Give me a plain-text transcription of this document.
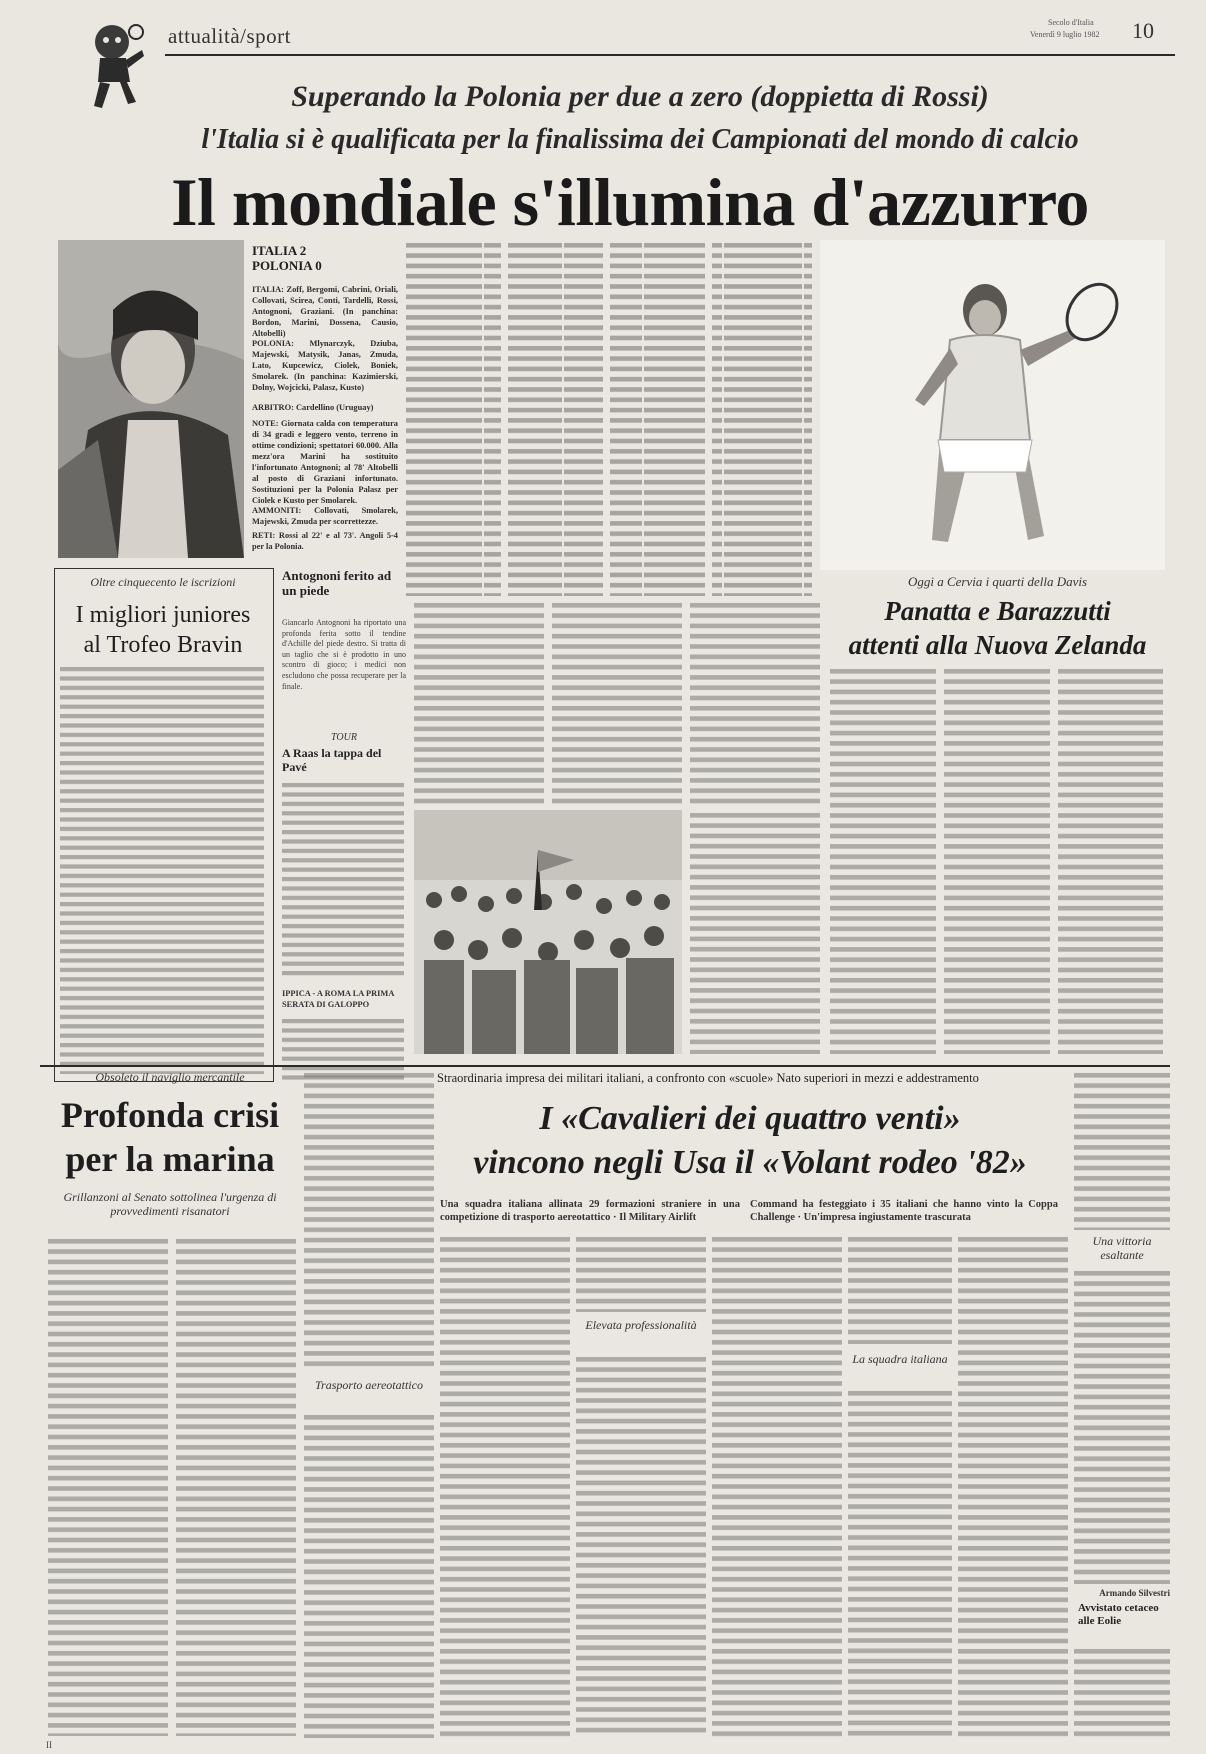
attualità/sport
Secolo d'Italia
Venerdì 9 luglio 1982 10
Superando la Polonia per due a zero (doppietta di Rossi)
l'Italia si è qualificata per la finalissima dei Campionati del mondo di calcio
Il mondiale s'illumina d'azzurro
ITALIA 2
POLONIA 0
ITALIA: Zoff, Bergomi, Cabrini, Oriali, Collovati, Scirea, Conti, Tardelli, Rossi, Antognoni, Graziani. (In panchina: Bordon, Marini, Dossena, Causio, Altobelli)
POLONIA: Mlynarczyk, Dziuba, Majewski, Matysik, Janas, Zmuda, Lato, Kupcewicz, Ciolek, Boniek, Smolarek. (In panchina: Kazimierski, Dolny, Wojcicki, Palasz, Kusto)
ARBITRO: Cardellino (Uruguay)
NOTE: Giornata calda con temperatura di 34 gradi e leggero vento, terreno in ottime condizioni; spettatori 60.000. Alla mezz'ora Marini ha sostituito l'infortunato Antognoni; al 78' Altobelli al posto di Graziani infortunato. Sostituzioni per la Polonia Palasz per Ciolek e Kusto per Smolarek.
AMMONITI: Collovati, Smolarek, Majewski, Zmuda per scorrettezze.
RETI: Rossi al 22' e al 73'. Angoli 5-4 per la Polonia.
Oltre cinquecento le iscrizioni
I migliori juniores
al Trofeo Bravin
Antognoni ferito ad un piede
Giancarlo Antognoni ha riportato una profonda ferita sotto il tendine d'Achille del piede destro. Si tratta di un taglio che si è prodotto in uno scontro di gioco; i medici non escludono che possa recuperare per la finale.
TOUR
A Raas la tappa del Pavé
IPPICA - A ROMA LA PRIMA SERATA DI GALOPPO
Oggi a Cervia i quarti della Davis
Panatta e Barazzutti
attenti alla Nuova Zelanda
Obsoleto il naviglio mercantile
Profonda crisi
per la marina
Grillanzoni al Senato sottolinea l'urgenza di provvedimenti risanatori
Straordinaria impresa dei militari italiani, a confronto con «scuole» Nato superiori in mezzi e addestramento
I «Cavalieri dei quattro venti»
vincono negli Usa il «Volant rodeo '82»
Una squadra italiana allinata 29 formazioni straniere in una competizione di trasporto aereotattico · Il Military Airlift
Command ha festeggiato i 35 italiani che hanno vinto la Coppa Challenge · Un'impresa ingiustamente trascurata
Trasporto aereotattico
Elevata professionalità
La squadra italiana
Una vittoria esaltante
Armando Silvestri
Avvistato cetaceo alle Eolie
II
